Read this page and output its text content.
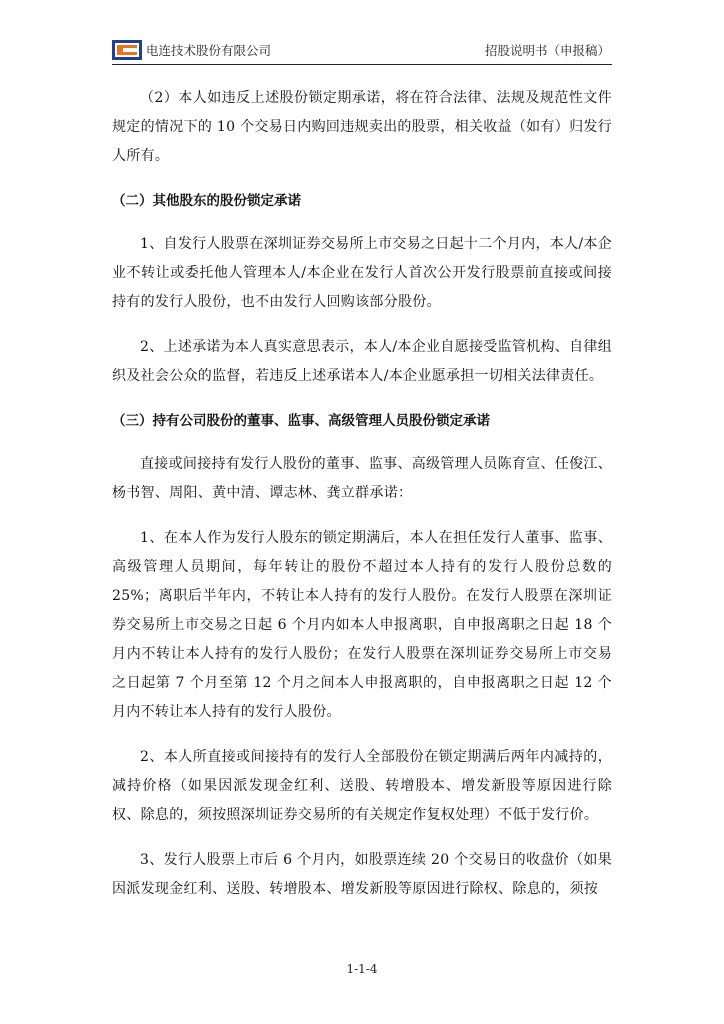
电连技术股份有限公司	招股说明书（申报稿）

（2）本人如违反上述股份锁定期承诺，将在符合法律、法规及规范性文件规定的情况下的 10 个交易日内购回违规卖出的股票，相关收益（如有）归发行人所有。

（二）其他股东的股份锁定承诺

1、自发行人股票在深圳证券交易所上市交易之日起十二个月内，本人/本企业不转让或委托他人管理本人/本企业在发行人首次公开发行股票前直接或间接持有的发行人股份，也不由发行人回购该部分股份。

2、上述承诺为本人真实意思表示，本人/本企业自愿接受监管机构、自律组织及社会公众的监督，若违反上述承诺本人/本企业愿承担一切相关法律责任。

（三）持有公司股份的董事、监事、高级管理人员股份锁定承诺

直接或间接持有发行人股份的董事、监事、高级管理人员陈育宣、任俊江、杨书智、周阳、黄中清、谭志林、龚立群承诺：

1、在本人作为发行人股东的锁定期满后，本人在担任发行人董事、监事、高级管理人员期间，每年转让的股份不超过本人持有的发行人股份总数的25%；离职后半年内，不转让本人持有的发行人股份。在发行人股票在深圳证券交易所上市交易之日起 6 个月内如本人申报离职，自申报离职之日起 18 个月内不转让本人持有的发行人股份；在发行人股票在深圳证券交易所上市交易之日起第 7 个月至第 12 个月之间本人申报离职的，自申报离职之日起 12 个月内不转让本人持有的发行人股份。

2、本人所直接或间接持有的发行人全部股份在锁定期满后两年内减持的，减持价格（如果因派发现金红利、送股、转增股本、增发新股等原因进行除权、除息的，须按照深圳证券交易所的有关规定作复权处理）不低于发行价。

3、发行人股票上市后 6 个月内，如股票连续 20 个交易日的收盘价（如果因派发现金红利、送股、转增股本、增发新股等原因进行除权、除息的，须按

1-1-4
